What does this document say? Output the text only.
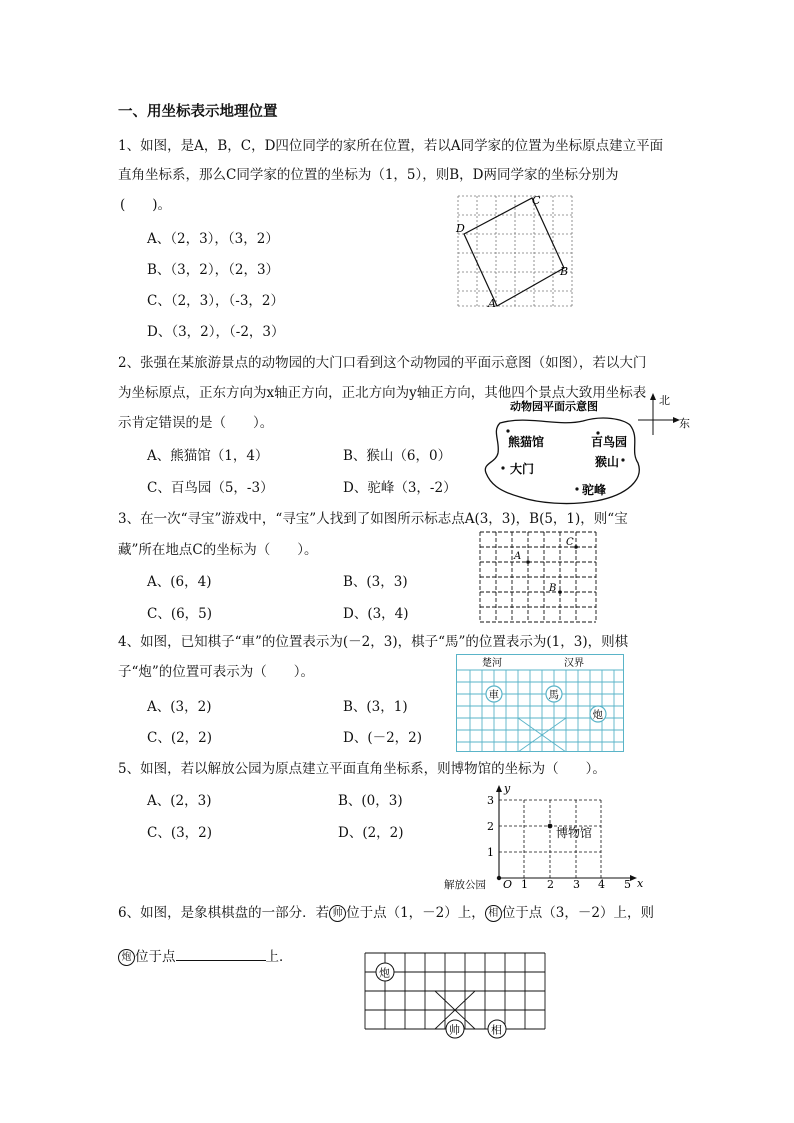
一、用坐标表示地理位置
1、如图，是A，B，C，D四位同学的家所在位置，若以A同学家的位置为坐标原点建立平面
直角坐标系，那么C同学家的位置的坐标为（1，5），则B，D两同学家的坐标分别为
(　　)。
A、（2，3），（3，2）
B、（3，2），（2，3）
C、（2，3），（-3，2）
D、（3，2），（-2，3）
A
B
C
D
2、张强在某旅游景点的动物园的大门口看到这个动物园的平面示意图（如图），若以大门
为坐标原点，正东方向为x轴正方向，正北方向为y轴正方向，其他四个景点大致用坐标表
示肯定错误的是（　　）。
A、熊猫馆（1，4）	B、猴山（6，0）
C、百鸟园（5，-3）	D、驼峰（3，-2）
动物园平面示意图	北
东
熊猫馆	百鸟园
猴山
大门
驼峰
3、在一次“寻宝”游戏中，“寻宝”人找到了如图所示标志点A(3，3)，B(5，1)，则“宝
藏”所在地点C的坐标为（　　）。
A、(6，4)	B、(3，3)
C、(6，5)	D、(3，4)
A
B
C
4、如图，已知棋子“車”的位置表示为(－2，3)，棋子“馬”的位置表示为(1，3)，则棋
子“炮”的位置可表示为（　　）。
A、(3，2)	B、(3，1)
C、(2，2)	D、(－2，2)
楚河	汉界
車	馬
炮
5、如图，若以解放公园为原点建立平面直角坐标系，则博物馆的坐标为（　　）。
A、(2，3)	B、(0，3)
C、(3，2)	D、(2，2)
y
x
3
2
1
1 2 3 4 5
O
解放公园
博物馆
6、如图，是象棋棋盘的一部分．若 帅 位于点（1，－2）上， 相 位于点（3，－2）上，则
炮 位于点	上．
炮
帅	相
